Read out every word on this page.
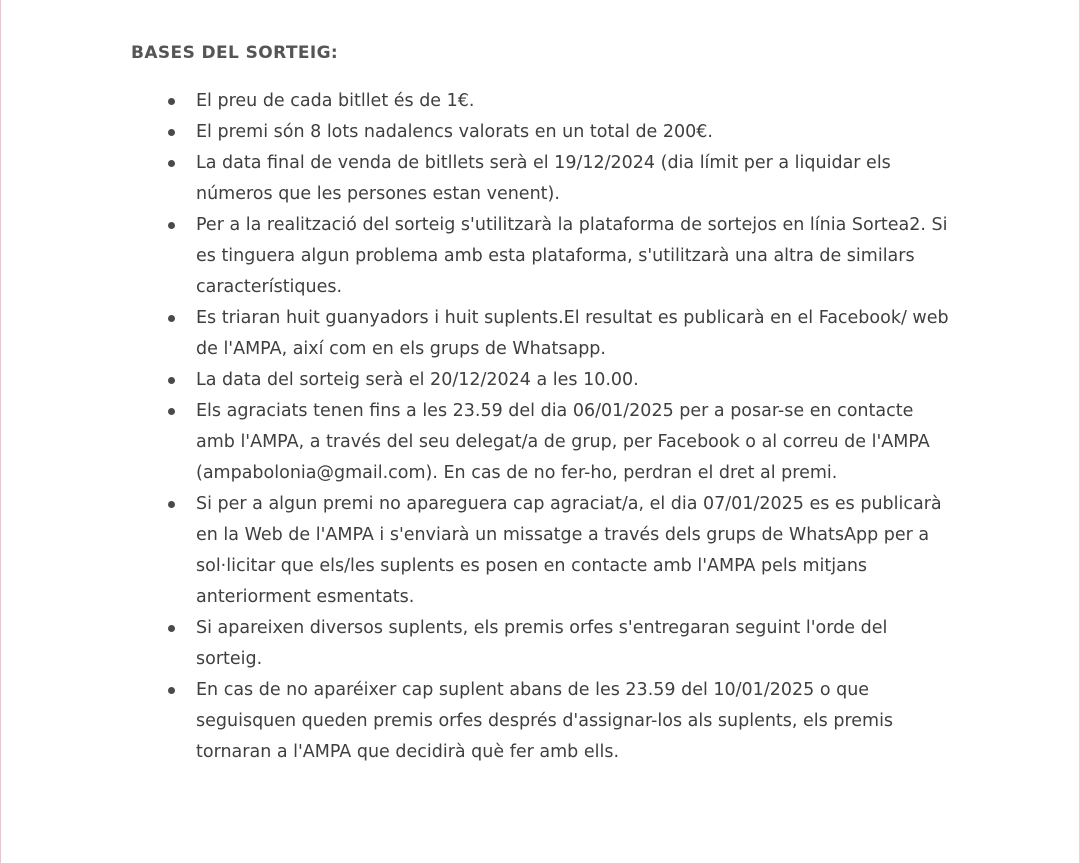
BASES DEL SORTEIG:
El preu de cada bitllet és de 1€.
El premi són 8 lots nadalencs valorats en un total de 200€.
La data final de venda de bitllets serà el 19/12/2024 (dia límit per a liquidar els números que les persones estan venent).
Per a la realització del sorteig s'utilitzarà la plataforma de sortejos en línia Sortea2. Si es tinguera algun problema amb esta plataforma, s'utilitzarà una altra de similars característiques.
Es triaran huit guanyadors i huit suplents.El resultat es publicarà en el Facebook/ web de l'AMPA, així com en els grups de Whatsapp.
La data del sorteig serà el 20/12/2024 a les 10.00.
Els agraciats tenen fins a les 23.59 del dia 06/01/2025 per a posar-se en contacte amb l'AMPA, a través del seu delegat/a de grup, per Facebook o al correu de l'AMPA (ampabolonia@gmail.com). En cas de no fer-ho, perdran el dret al premi.
Si per a algun premi no apareguera cap agraciat/a, el dia 07/01/2025 es es publicarà en la Web de l'AMPA i s'enviarà un missatge a través dels grups de WhatsApp per a sol·licitar que els/les suplents es posen en contacte amb l'AMPA pels mitjans anteriorment esmentats.
Si apareixen diversos suplents, els premis orfes s'entregaran seguint l'orde del sorteig.
En cas de no aparéixer cap suplent abans de les 23.59 del 10/01/2025 o que seguisquen queden premis orfes després d'assignar-los als suplents, els premis tornaran a l'AMPA que decidirà què fer amb ells.
